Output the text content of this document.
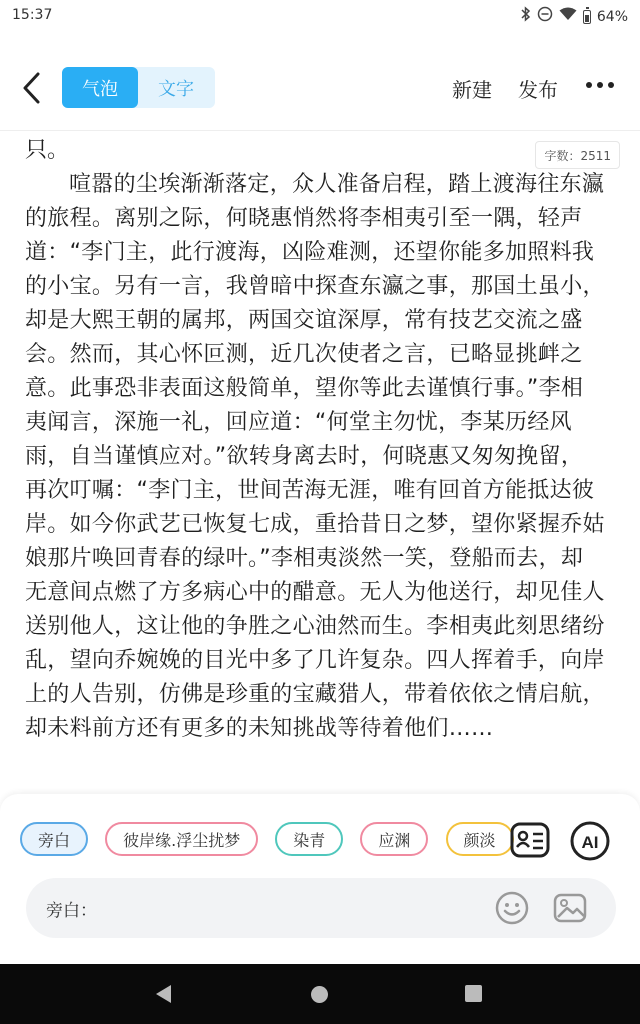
15:37	64%
气泡	文字	新建 发布

只。

喧嚣的尘埃渐渐落定，众人准备启程，踏上渡海往东瀛的旅程。离别之际，何晓惠悄然将李相夷引至一隅，轻声道：“李门主，此行渡海，凶险难测，还望你能多加照料我的小宝。另有一言，我曾暗中探查东瀛之事，那国土虽小，却是大熙王朝的属邦，两国交谊深厚，常有技艺交流之盛会。然而，其心怀叵测，近几次使者之言，已略显挑衅之意。此事恐非表面这般简单，望你等此去谨慎行事。”李相夷闻言，深施一礼，回应道：“何堂主勿忧，李某历经风雨，自当谨慎应对。”欲转身离去时，何晓惠又匆匆挽留，再次叮嘱：“李门主，世间苦海无涯，唯有回首方能抵达彼岸。如今你武艺已恢复七成，重拾昔日之梦，望你紧握乔姑娘那片唤回青春的绿叶。”李相夷淡然一笑，登船而去，却无意间点燃了方多病心中的醋意。无人为他送行，却见佳人送别他人，这让他的争胜之心油然而生。李相夷此刻思绪纷乱，望向乔婉娩的目光中多了几许复杂。四人挥着手，向岸上的人告别，仿佛是珍重的宝藏猎人，带着依依之情启航，却未料前方还有更多的未知挑战等待着他们……

字数：2511
旁白	彼岸缘.浮尘扰梦	染青	应渊	颜淡	AI
旁白：
